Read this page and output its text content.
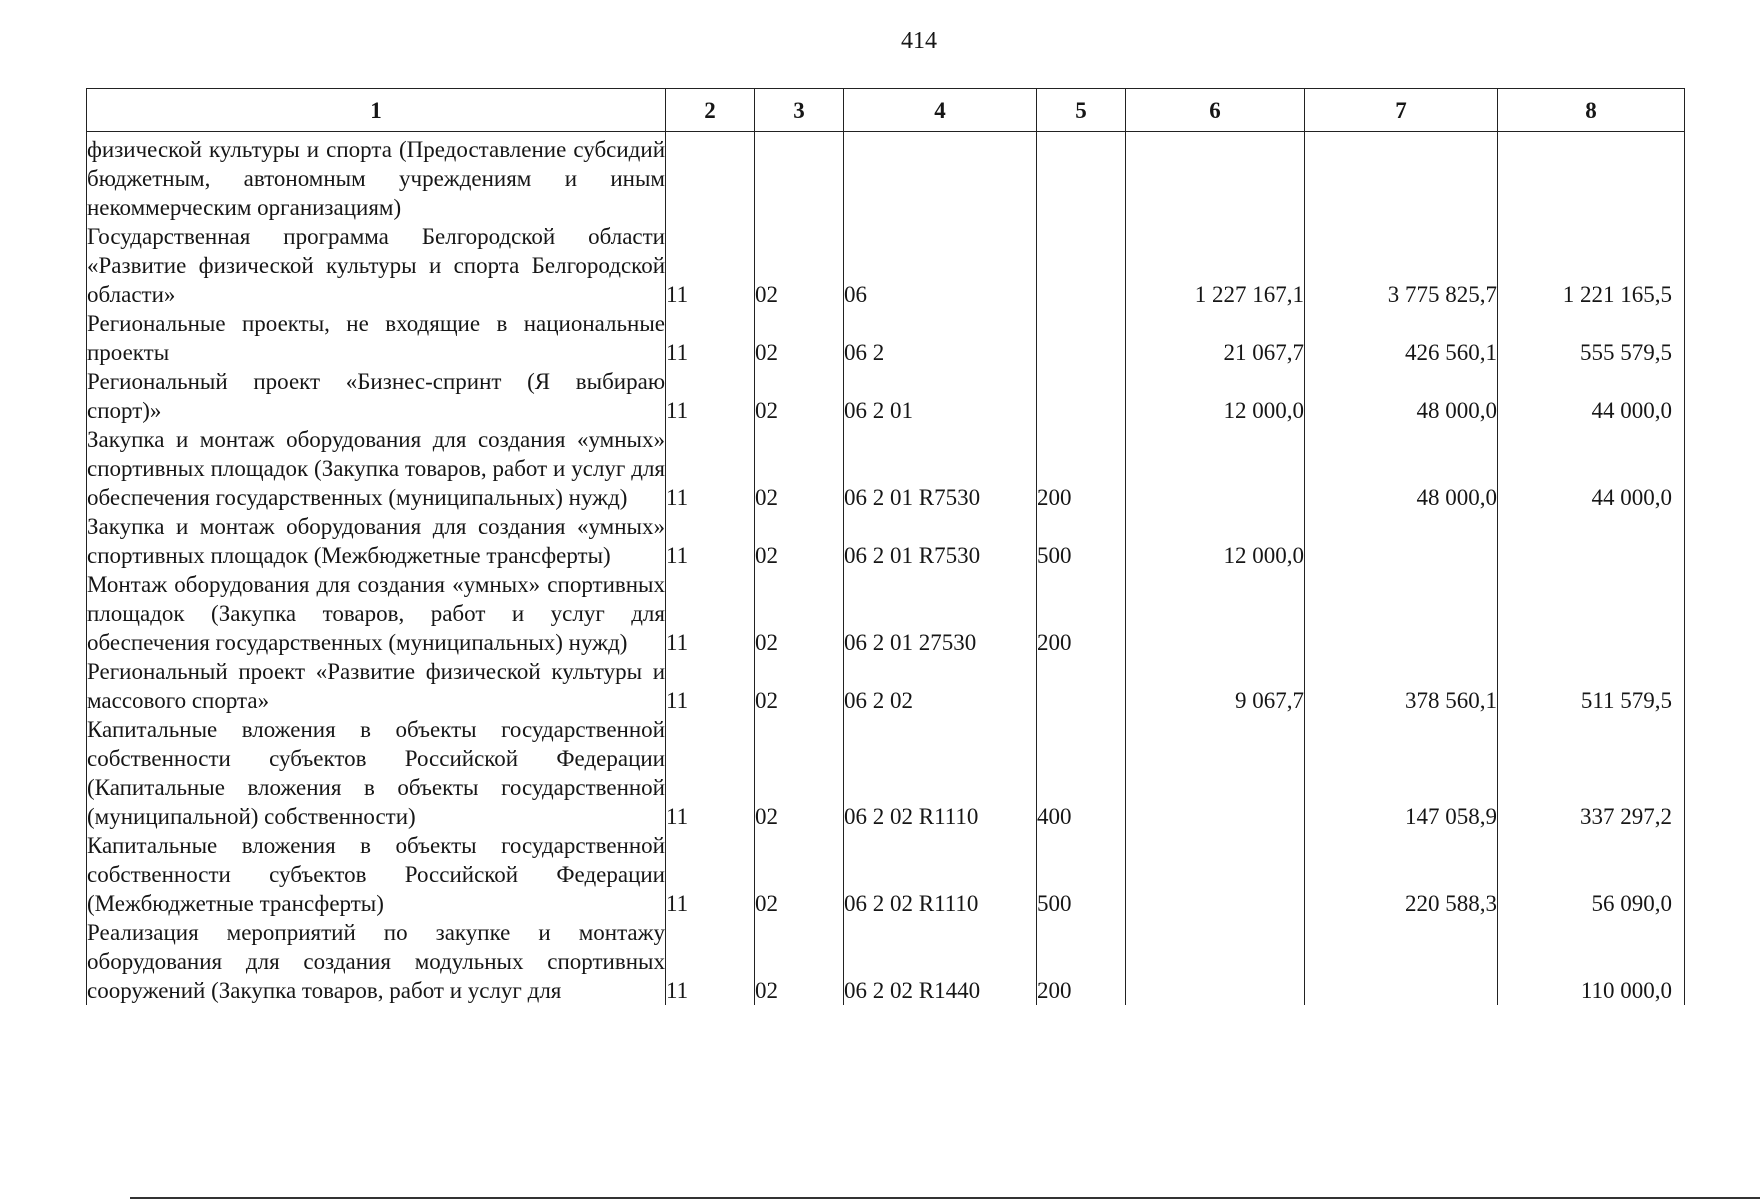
414
1	2	3	4	5	6	7	8
физической культуры и спорта (Предоставление субсидий бюджетным, автономным учреждениям и иным некоммерческим организациям)							
Государственная программа Белгородской области «Развитие физической культуры и спорта Белгородской области»	11	02	06		1 227 167,1	3 775 825,7	1 221 165,5
Региональные проекты, не входящие в национальные проекты	11	02	06 2		21 067,7	426 560,1	555 579,5
Региональный проект «Бизнес-спринт (Я выбираю спорт)»	11	02	06 2 01		12 000,0	48 000,0	44 000,0
Закупка и монтаж оборудования для создания «умных» спортивных площадок (Закупка товаров, работ и услуг для обеспечения государственных (муниципальных) нужд)	11	02	06 2 01 R7530	200		48 000,0	44 000,0
Закупка и монтаж оборудования для создания «умных» спортивных площадок (Межбюджетные трансферты)	11	02	06 2 01 R7530	500	12 000,0		
Монтаж оборудования для создания «умных» спортивных площадок (Закупка товаров, работ и услуг для обеспечения государственных (муниципальных) нужд)	11	02	06 2 01 27530	200			
Региональный проект «Развитие физической культуры и массового спорта»	11	02	06 2 02		9 067,7	378 560,1	511 579,5
Капитальные вложения в объекты государственной собственности субъектов Российской Федерации (Капитальные вложения в объекты государственной (муниципальной) собственности)	11	02	06 2 02 R1110	400		147 058,9	337 297,2
Капитальные вложения в объекты государственной собственности субъектов Российской Федерации (Межбюджетные трансферты)	11	02	06 2 02 R1110	500		220 588,3	56 090,0
Реализация мероприятий по закупке и монтажу оборудования для создания модульных спортивных сооружений (Закупка товаров, работ и услуг для	11	02	06 2 02 R1440	200			110 000,0
